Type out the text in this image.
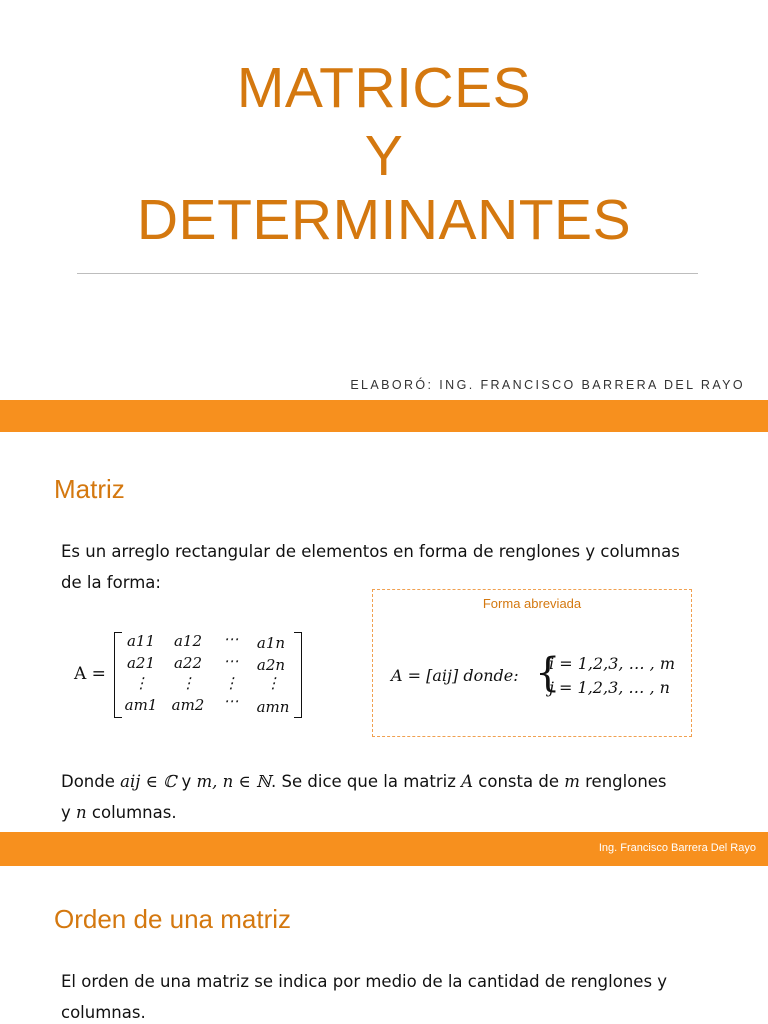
MATRICES
Y
DETERMINANTES
ELABORÓ: ING. FRANCISCO BARRERA DEL RAYO
Matriz
Es un arreglo rectangular de elementos en forma de renglones y columnas
de la forma:
A =
a11	a12	⋯	a1n
a21	a22	⋯	a2n
⋮	⋮	⋮	⋮
am1 am2	⋯	amn
Forma abreviada
A = [aij] donde: {
i = 1,2,3, … , m
j = 1,2,3, … , n
Donde aij ∈ ℂ y m, n ∈ ℕ. Se dice que la matriz A consta de m renglones
y n columnas.
Ing. Francisco Barrera Del Rayo
Orden de una matriz
El orden de una matriz se indica por medio de la cantidad de renglones y
columnas.
